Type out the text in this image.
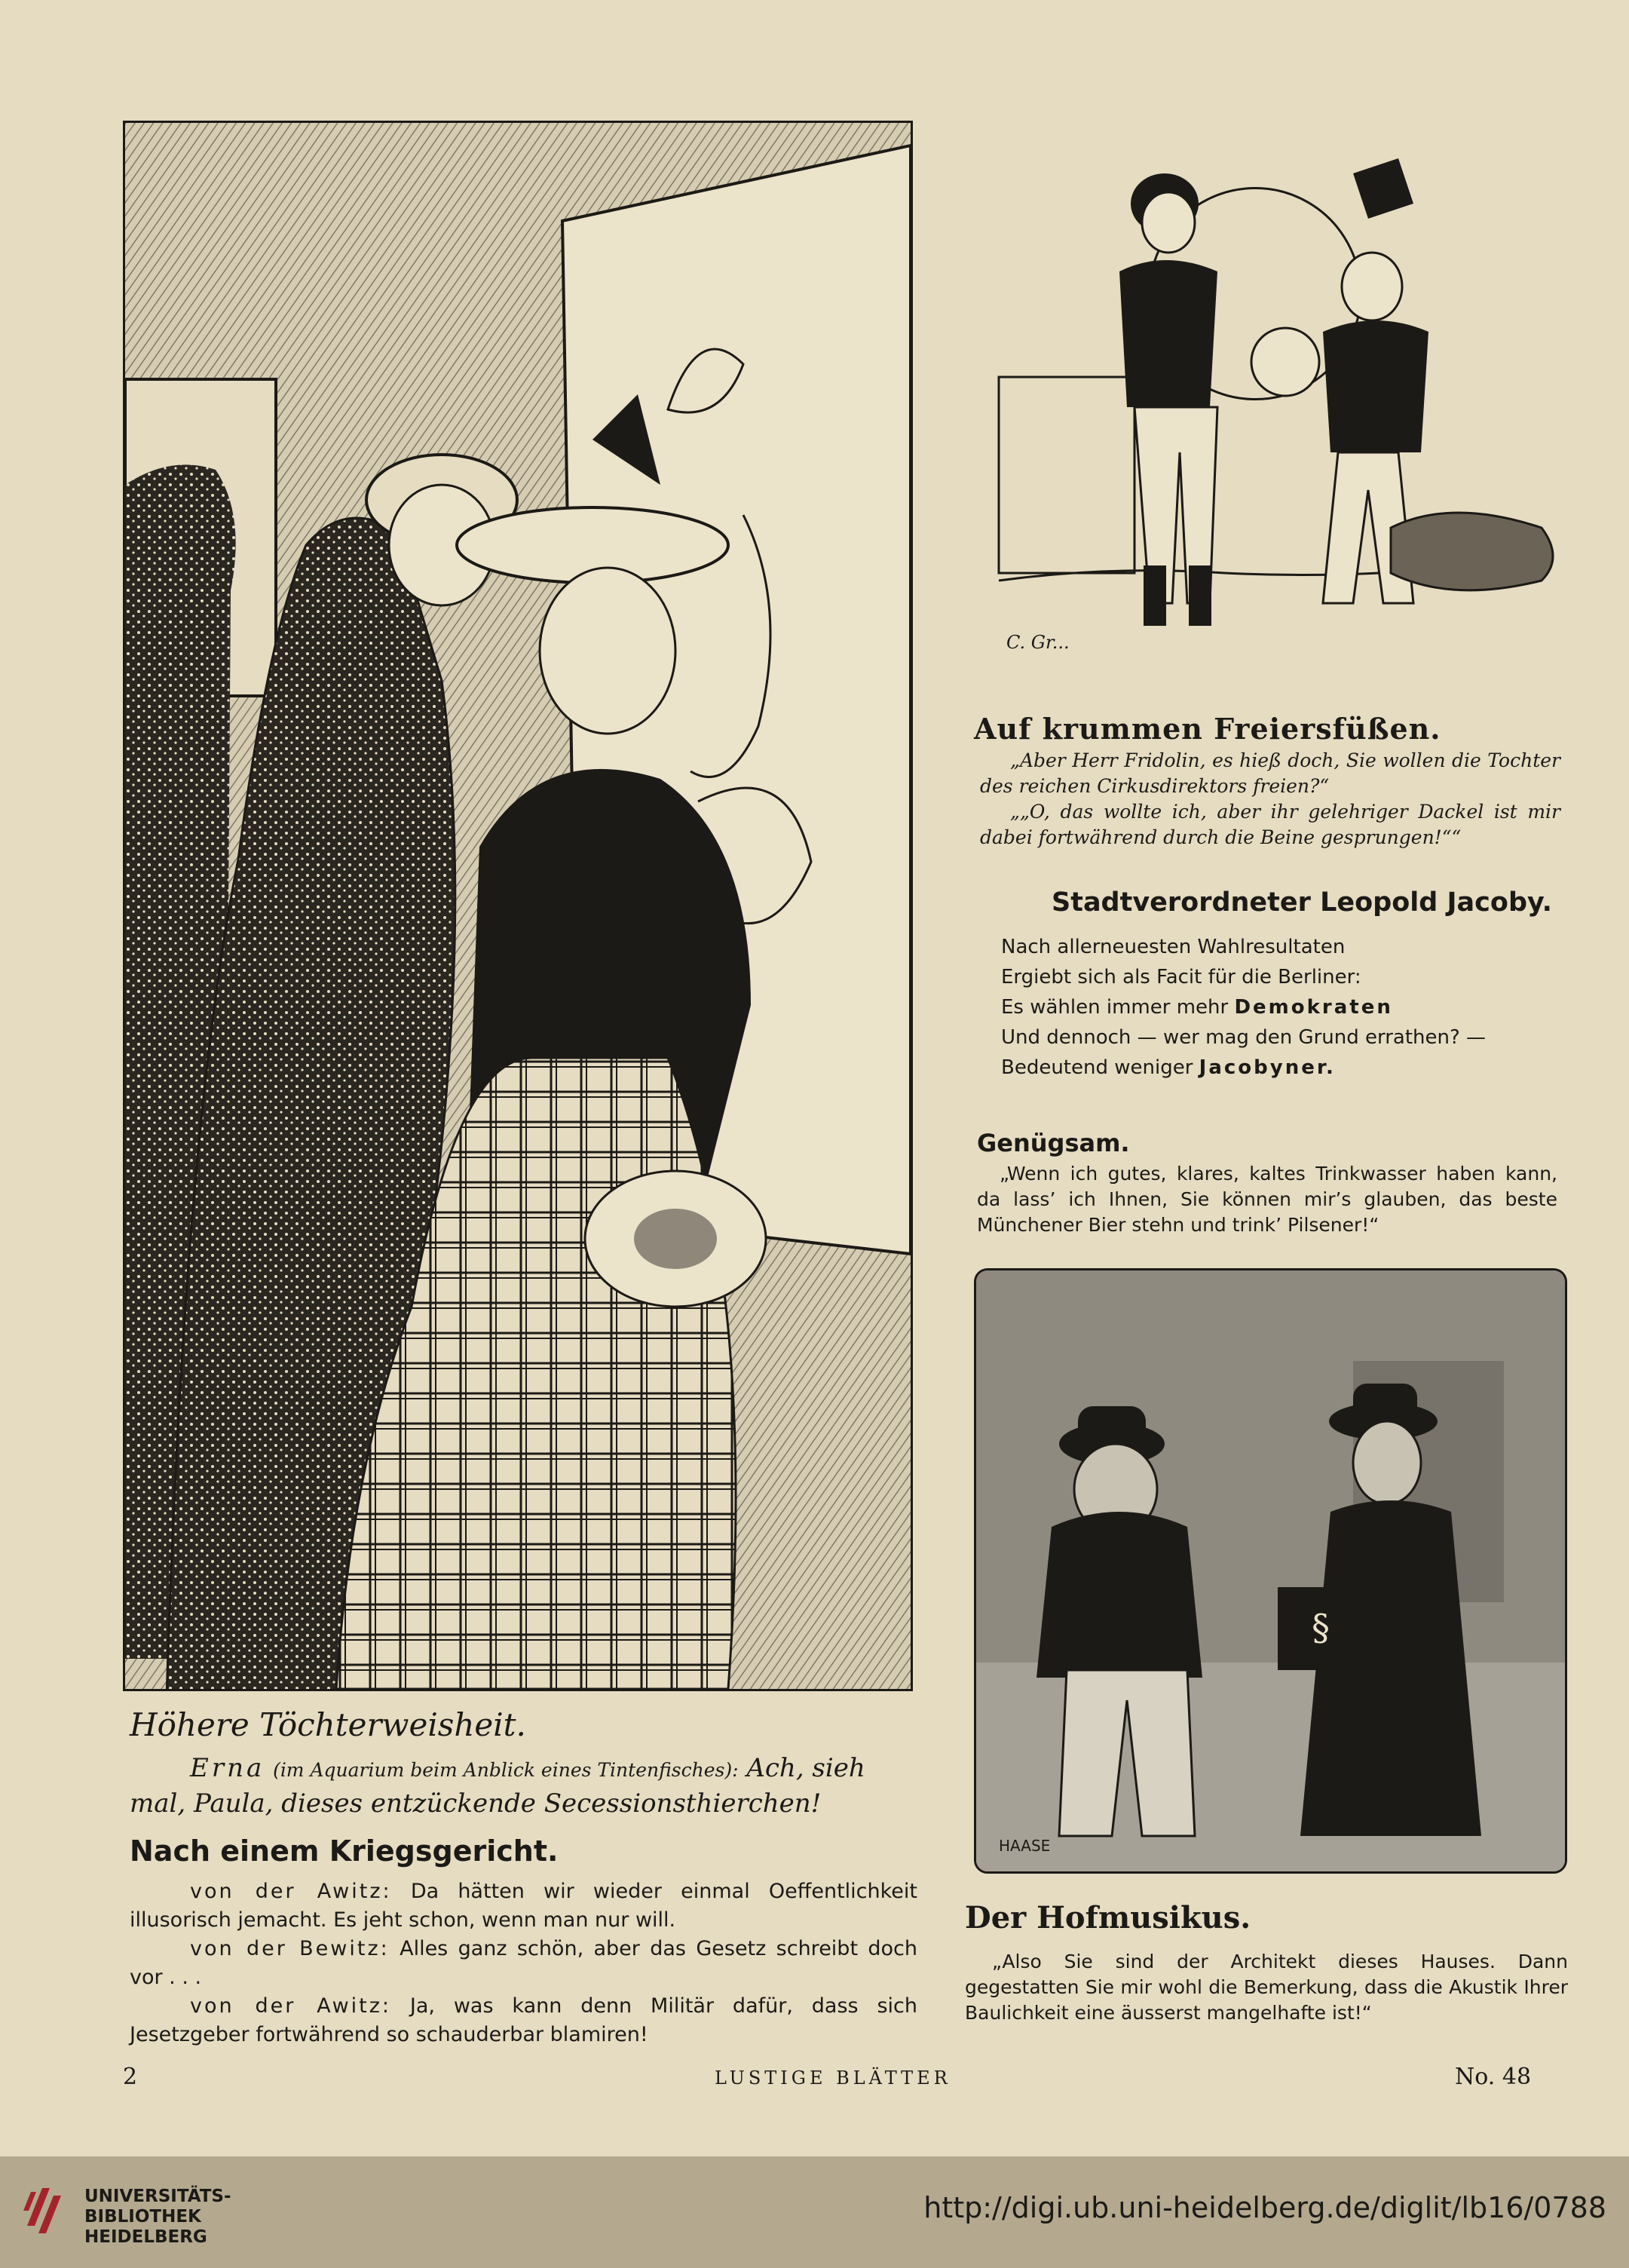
C. Gr...
§
HAASE
Höhere Töchterweisheit.
Erna (im Aquarium beim Anblick eines Tintenfisches): Ach, sieh mal, Paula, dieses entzückende Secessionsthierchen!
Nach einem Kriegsgericht.

von der Awitz: Da hätten wir wieder einmal Oeffentlichkeit illusorisch jemacht. Es jeht schon, wenn man nur will.

von der Bewitz: Alles ganz schön, aber das Gesetz schreibt doch vor . . .

von der Awitz: Ja, was kann denn Militär dafür, dass sich Jesetzgeber fortwährend so schauderbar blamiren!

Auf krummen Freiersfüßen.

„Aber Herr Fridolin, es hieß doch, Sie wollen die Tochter des reichen Cirkusdirektors freien?“

„„O, das wollte ich, aber ihr gelehriger Dackel ist mir dabei fortwährend durch die Beine gesprungen!““

Stadtverordneter Leopold Jacoby.
Nach allerneuesten Wahlresultaten
Ergiebt sich als Facit für die Berliner:
Es wählen immer mehr Demokraten
Und dennoch — wer mag den Grund errathen? —
Bedeutend weniger Jacobyner.
Genügsam.

„Wenn ich gutes, klares, kaltes Trinkwasser haben kann, da lass’ ich Ihnen, Sie können mir’s glauben, das beste Münchener Bier stehn und trink’ Pilsener!“

Der Hofmusikus.

„Also Sie sind der Architekt dieses Hauses. Dann gegestatten Sie mir wohl die Bemerkung, dass die Akustik Ihrer Baulichkeit eine äusserst mangelhafte ist!“

2	LUSTIGE BLÄTTER	No. 48
UNIVERSITÄTS-
BIBLIOTHEK
HEIDELBERG
http://digi.ub.uni-heidelberg.de/diglit/lb16/0788
